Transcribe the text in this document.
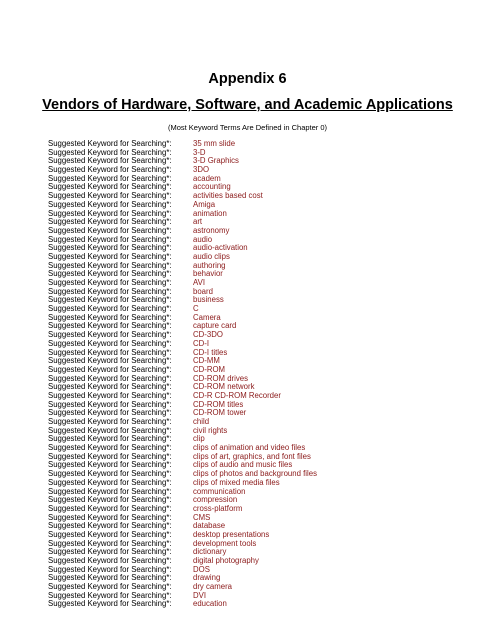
Appendix 6
Vendors of Hardware, Software, and Academic Applications
(Most Keyword Terms Are Defined in Chapter 0)
Suggested Keyword for Searching*:	35 mm slide
Suggested Keyword for Searching*:	3-D
Suggested Keyword for Searching*:	3-D Graphics
Suggested Keyword for Searching*:	3DO
Suggested Keyword for Searching*:	academ
Suggested Keyword for Searching*:	accounting
Suggested Keyword for Searching*:	activities based cost
Suggested Keyword for Searching*:	Amiga
Suggested Keyword for Searching*:	animation
Suggested Keyword for Searching*:	art
Suggested Keyword for Searching*:	astronomy
Suggested Keyword for Searching*:	audio
Suggested Keyword for Searching*:	audio-activation
Suggested Keyword for Searching*:	audio clips
Suggested Keyword for Searching*:	authoring
Suggested Keyword for Searching*:	behavior
Suggested Keyword for Searching*:	AVI
Suggested Keyword for Searching*:	board
Suggested Keyword for Searching*:	business
Suggested Keyword for Searching*:	C
Suggested Keyword for Searching*:	Camera
Suggested Keyword for Searching*:	capture card
Suggested Keyword for Searching*:	CD-3DO
Suggested Keyword for Searching*:	CD-I
Suggested Keyword for Searching*:	CD-I titles
Suggested Keyword for Searching*:	CD-MM
Suggested Keyword for Searching*:	CD-ROM
Suggested Keyword for Searching*:	CD-ROM drives
Suggested Keyword for Searching*:	CD-ROM network
Suggested Keyword for Searching*:	CD-R CD-ROM Recorder
Suggested Keyword for Searching*:	CD-ROM titles
Suggested Keyword for Searching*:	CD-ROM tower
Suggested Keyword for Searching*:	child
Suggested Keyword for Searching*:	civil rights
Suggested Keyword for Searching*:	clip
Suggested Keyword for Searching*:	clips of animation and video files
Suggested Keyword for Searching*:	clips of art, graphics, and font files
Suggested Keyword for Searching*:	clips of audio and music files
Suggested Keyword for Searching*:	clips of photos and background files
Suggested Keyword for Searching*:	clips of mixed media files
Suggested Keyword for Searching*:	communication
Suggested Keyword for Searching*:	compression
Suggested Keyword for Searching*:	cross-platform
Suggested Keyword for Searching*:	CMS
Suggested Keyword for Searching*:	database
Suggested Keyword for Searching*:	desktop presentations
Suggested Keyword for Searching*:	development tools
Suggested Keyword for Searching*:	dictionary
Suggested Keyword for Searching*:	digital photography
Suggested Keyword for Searching*:	DOS
Suggested Keyword for Searching*:	drawing
Suggested Keyword for Searching*:	dry camera
Suggested Keyword for Searching*:	DVI
Suggested Keyword for Searching*:	education
